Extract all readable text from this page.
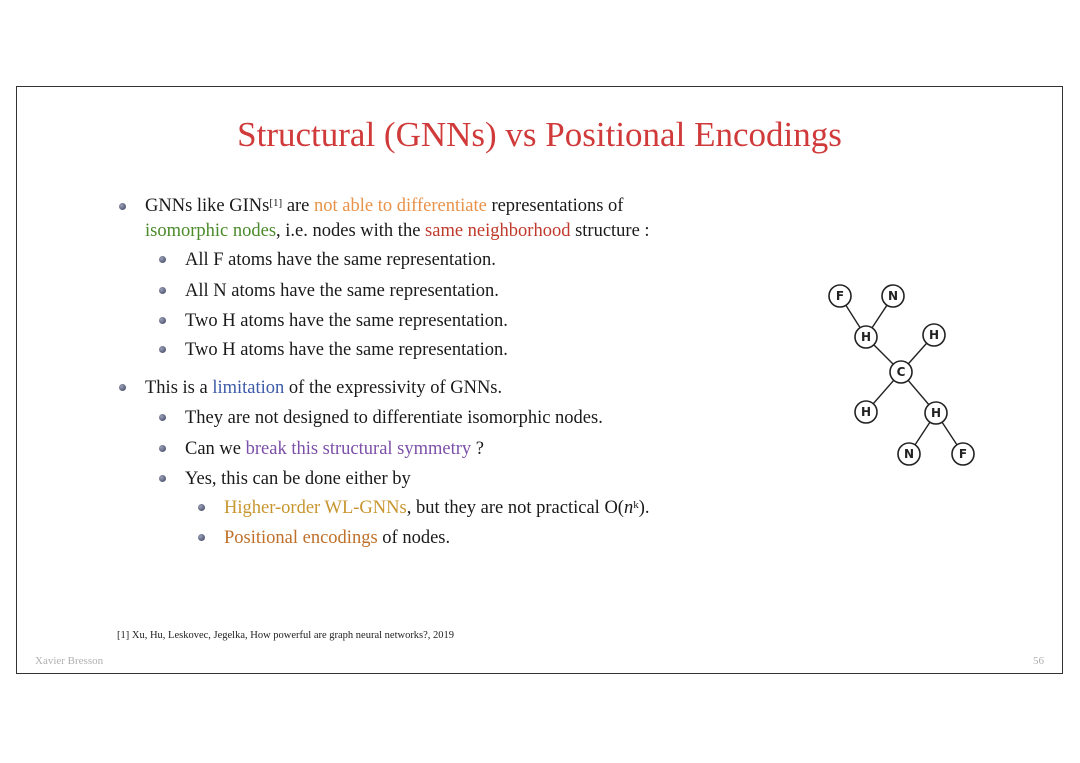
Structural (GNNs) vs Positional Encodings
GNNs like GINs[1] are not able to differentiate representations of
isomorphic nodes, i.e. nodes with the same neighborhood structure :
All F atoms have the same representation.
All N atoms have the same representation.
Two H atoms have the same representation.
Two H atoms have the same representation.
This is a limitation of the expressivity of GNNs.
They are not designed to differentiate isomorphic nodes.
Can we break this structural symmetry ?
Yes, this can be done either by
Higher-order WL-GNNs, but they are not practical $O(n^k)$.
Positional encodings of nodes.
F	N
H	H
C
H	H
N	F
[1] Xu, Hu, Leskovec, Jegelka, How powerful are graph neural networks?, 2019
Xavier Bresson	56
